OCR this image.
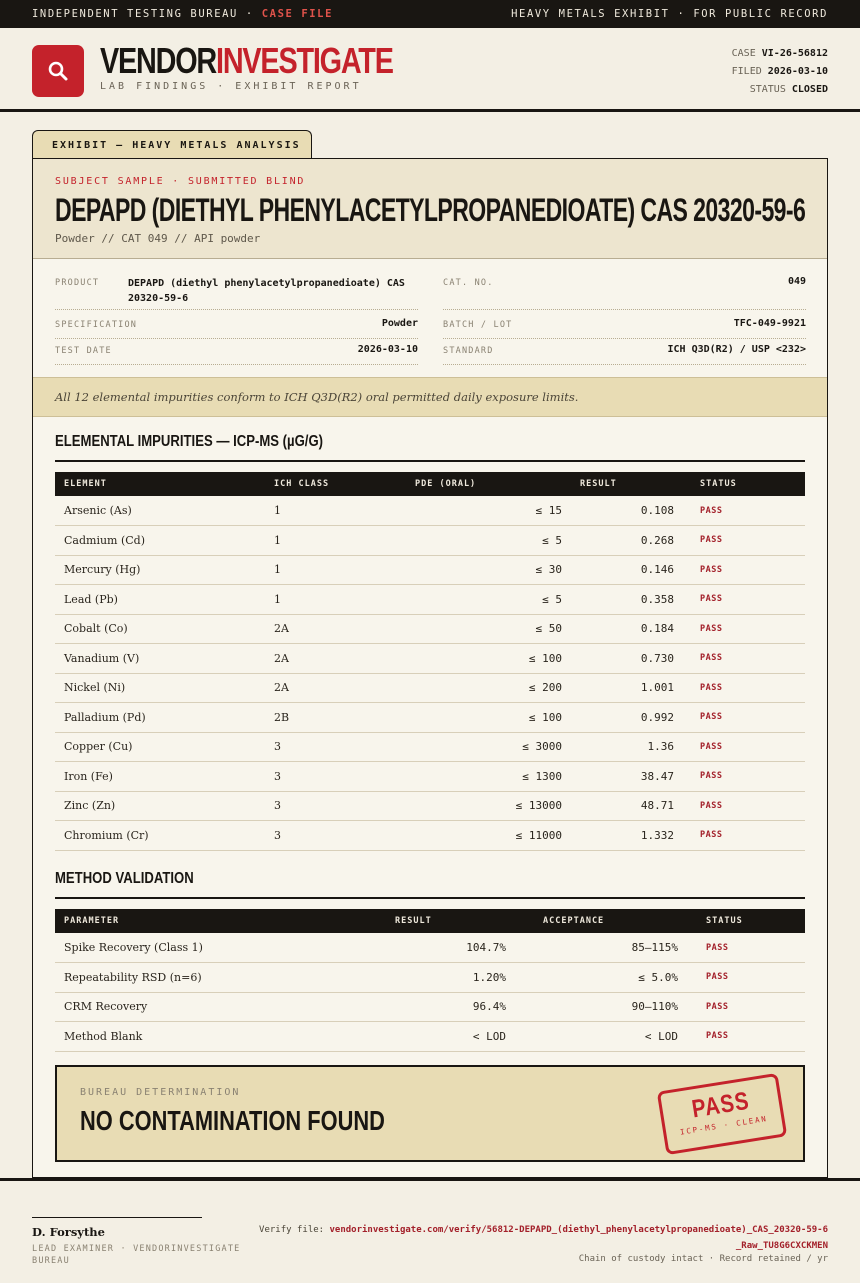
INDEPENDENT TESTING BUREAU · CASE FILE	HEAVY METALS EXHIBIT · FOR PUBLIC RECORD
VENDORINVESTIGATE
LAB FINDINGS · EXHIBIT REPORT
CASE VI-26-56812
FILED 2026-03-10
STATUS CLOSED
EXHIBIT — HEAVY METALS ANALYSIS
SUBJECT SAMPLE · SUBMITTED BLIND
DEPAPD (DIETHYL PHENYLACETYLPROPANEDIOATE) CAS 20320-59-6
Powder // CAT 049 // API powder
PRODUCT	DEPAPD (diethyl phenylacetylpropanedioate) CAS 20320-59-6
CAT. NO.	049
SPECIFICATION	Powder	BATCH / LOT	TFC-049-9921
TEST DATE	2026-03-10	STANDARD	ICH Q3D(R2) / USP <232>
All 12 elemental impurities conform to ICH Q3D(R2) oral permitted daily exposure limits.
ELEMENTAL IMPURITIES — ICP-MS (µG/G)
ELEMENT	ICH CLASS	PDE (ORAL)	RESULT	STATUS
Arsenic (As)	1	≤ 15	0.108	PASS
Cadmium (Cd)	1	≤ 5	0.268	PASS
Mercury (Hg)	1	≤ 30	0.146	PASS
Lead (Pb)	1	≤ 5	0.358	PASS
Cobalt (Co)	2A	≤ 50	0.184	PASS
Vanadium (V)	2A	≤ 100	0.730	PASS
Nickel (Ni)	2A	≤ 200	1.001	PASS
Palladium (Pd)	2B	≤ 100	0.992	PASS
Copper (Cu)	3	≤ 3000	1.36	PASS
Iron (Fe)	3	≤ 1300	38.47	PASS
Zinc (Zn)	3	≤ 13000	48.71	PASS
Chromium (Cr)	3	≤ 11000	1.332	PASS
METHOD VALIDATION
PARAMETER	RESULT	ACCEPTANCE	STATUS
Spike Recovery (Class 1)	104.7%	85–115%	PASS
Repeatability RSD (n=6)	1.20%	≤ 5.0%	PASS
CRM Recovery	96.4%	90–110%	PASS
Method Blank	< LOD	< LOD	PASS
BUREAU DETERMINATION
NO CONTAMINATION FOUND	PASS
ICP-MS · CLEAN
D. Forsythe
LEAD EXAMINER · VENDORINVESTIGATE BUREAU
Verify file: vendorinvestigate.com/verify/56812-DEPAPD_(diethyl_phenylacetylpropanedioate)_CAS_20320-59-6_Raw_TU8G6CXCKMEN
Chain of custody intact · Record retained / yr
